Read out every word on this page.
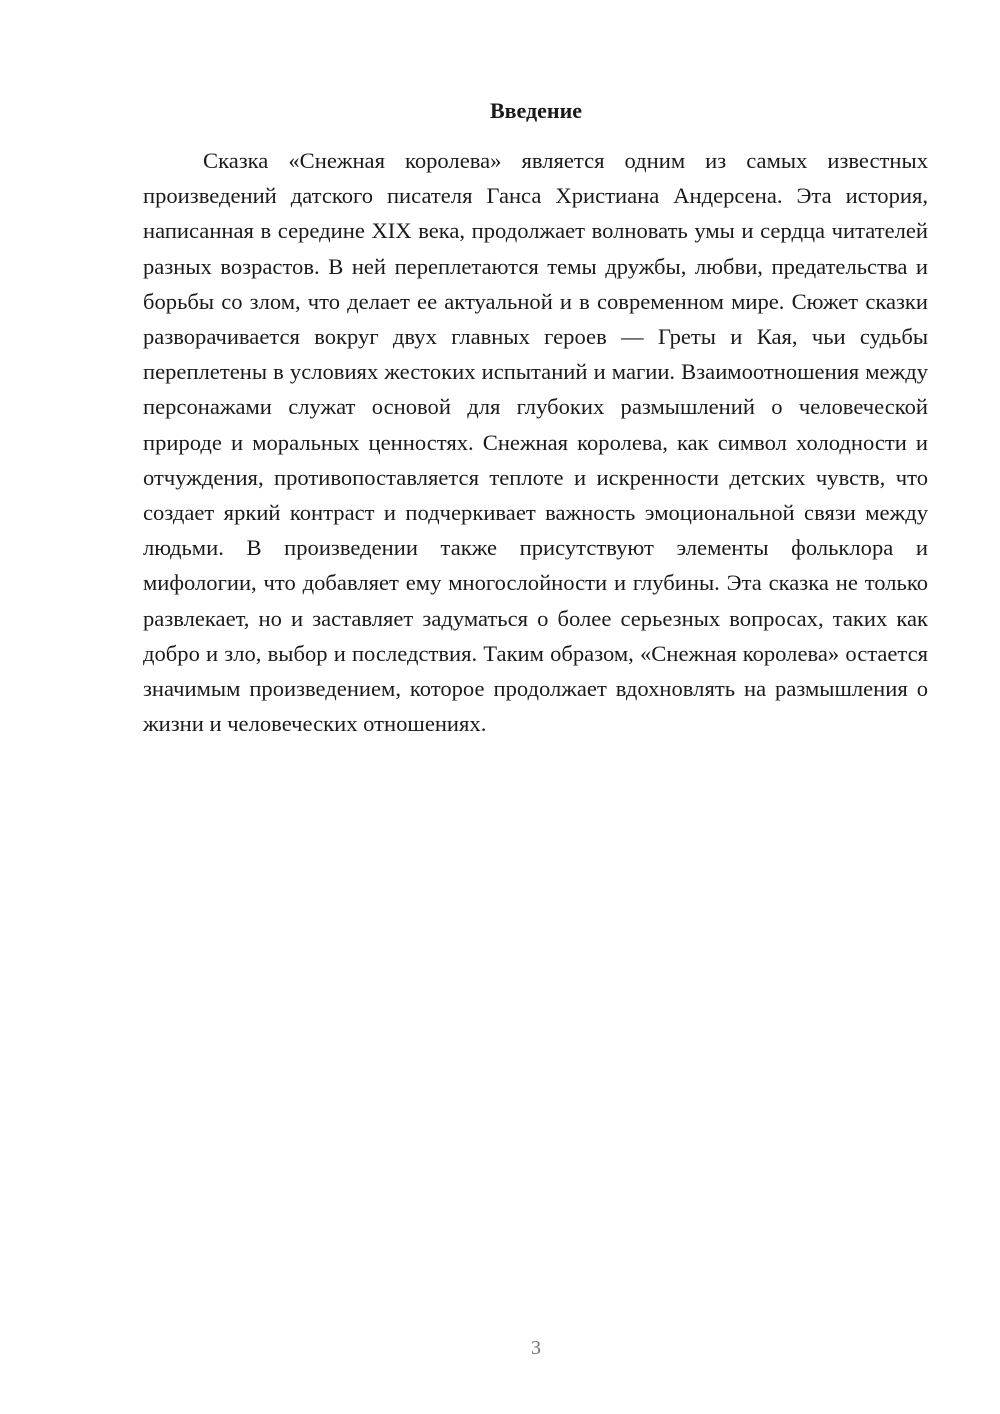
Введение

Сказка «Снежная королева» является одним из самых известных произведений датского писателя Ганса Христиана Андерсена. Эта история, написанная в середине XIX века, продолжает волновать умы и сердца читателей разных возрастов. В ней переплетаются темы дружбы, любви, предательства и борьбы со злом, что делает ее актуальной и в современном мире. Сюжет сказки разворачивается вокруг двух главных героев — Греты и Кая, чьи судьбы переплетены в условиях жестоких испытаний и магии. Взаимоотношения между персонажами служат основой для глубоких размышлений о человеческой природе и моральных ценностях. Снежная королева, как символ холодности и отчуждения, противопоставляется теплоте и искренности детских чувств, что создает яркий контраст и подчеркивает важность эмоциональной связи между людьми. В произведении также присутствуют элементы фольклора и мифологии, что добавляет ему многослойности и глубины. Эта сказка не только развлекает, но и заставляет задуматься о более серьезных вопросах, таких как добро и зло, выбор и последствия. Таким образом, «Снежная королева» остается значимым произведением, которое продолжает вдохновлять на размышления о жизни и человеческих отношениях.

3
